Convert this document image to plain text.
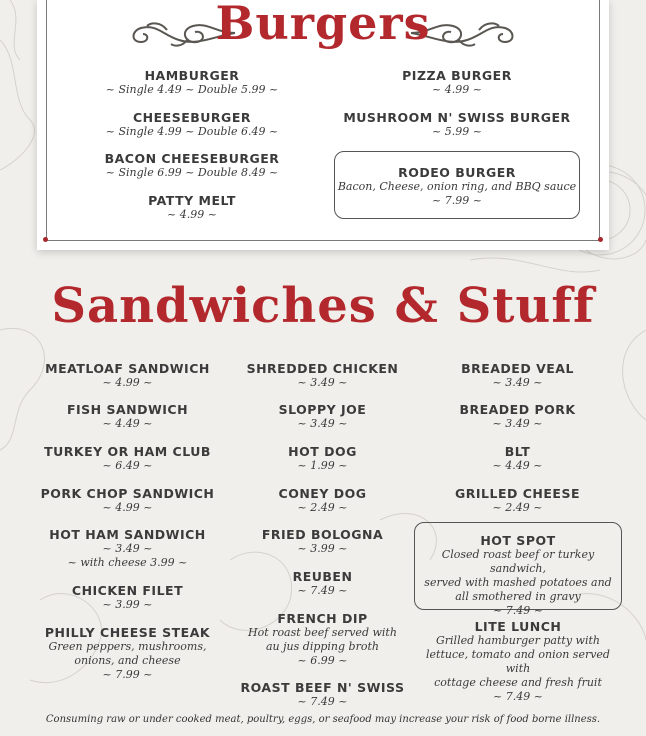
Burgers
HAMBURGER
~ Single 4.49 ~ Double 5.99 ~
CHEESEBURGER
~ Single 4.99 ~ Double 6.49 ~
BACON CHEESEBURGER
~ Single 6.99 ~ Double 8.49 ~
PATTY MELT
~ 4.99 ~
PIZZA BURGER
~ 4.99 ~
MUSHROOM N' SWISS BURGER
~ 5.99 ~
RODEO BURGER
Bacon, Cheese, onion ring, and BBQ sauce
~ 7.99 ~
Sandwiches & Stuff
MEATLOAF SANDWICH
~ 4.99 ~
FISH SANDWICH
~ 4.49 ~
TURKEY OR HAM CLUB
~ 6.49 ~
PORK CHOP SANDWICH
~ 4.99 ~
HOT HAM SANDWICH
~ 3.49 ~
~ with cheese 3.99 ~
CHICKEN FILET
~ 3.99 ~
PHILLY CHEESE STEAK
Green peppers, mushrooms,
onions, and cheese
~ 7.99 ~
SHREDDED CHICKEN
~ 3.49 ~
SLOPPY JOE
~ 3.49 ~
HOT DOG
~ 1.99 ~
CONEY DOG
~ 2.49 ~
FRIED BOLOGNA
~ 3.99 ~
REUBEN
~ 7.49 ~
FRENCH DIP
Hot roast beef served with
au jus dipping broth
~ 6.99 ~
ROAST BEEF N' SWISS
~ 7.49 ~
BREADED VEAL
~ 3.49 ~
BREADED PORK
~ 3.49 ~
BLT
~ 4.49 ~
GRILLED CHEESE
~ 2.49 ~
HOT SPOT
Closed roast beef or turkey sandwich,
served with mashed potatoes and
all smothered in gravy
~ 7.49 ~
LITE LUNCH
Grilled hamburger patty with
lettuce, tomato and onion served with
cottage cheese and fresh fruit
~ 7.49 ~
Consuming raw or under cooked meat, poultry, eggs, or seafood may increase your risk of food borne illness.
